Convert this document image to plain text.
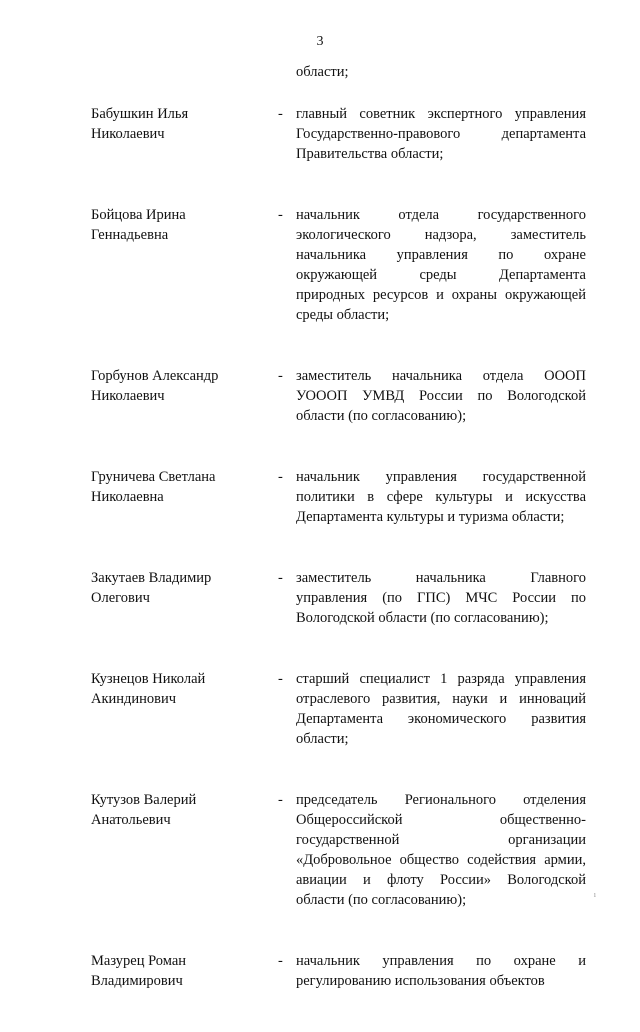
3
области;
Бабушкин Илья
Николаевич
- главный советник экспертного управления
Государственно-правового департамента
Правительства области;
Бойцова Ирина
Геннадьевна
- начальник отдела государственного
экологического надзора, заместитель
начальника управления по охране
окружающей среды Департамента
природных ресурсов и охраны окружающей
среды области;
Горбунов Александр
Николаевич
- заместитель начальника отдела ОООП
УОООП УМВД России по Вологодской
области (по согласованию);
Груничева Светлана
Николаевна
- начальник управления государственной
политики в сфере культуры и искусства
Департамента культуры и туризма области;
Закутаев Владимир
Олегович
- заместитель начальника Главного
управления (по ГПС) МЧС России по
Вологодской области (по согласованию);
Кузнецов Николай
Акиндинович
- старший специалист 1 разряда управления
отраслевого развития, науки и инноваций
Департамента экономического развития
области;
Кутузов Валерий
Анатольевич
- председатель Регионального отделения
Общероссийской общественно-
государственной организации
«Добровольное общество содействия армии,
авиации и флоту России» Вологодской
области (по согласованию);
Мазурец Роман
Владимирович
- начальник управления по охране и
регулированию использования объектов
ı
